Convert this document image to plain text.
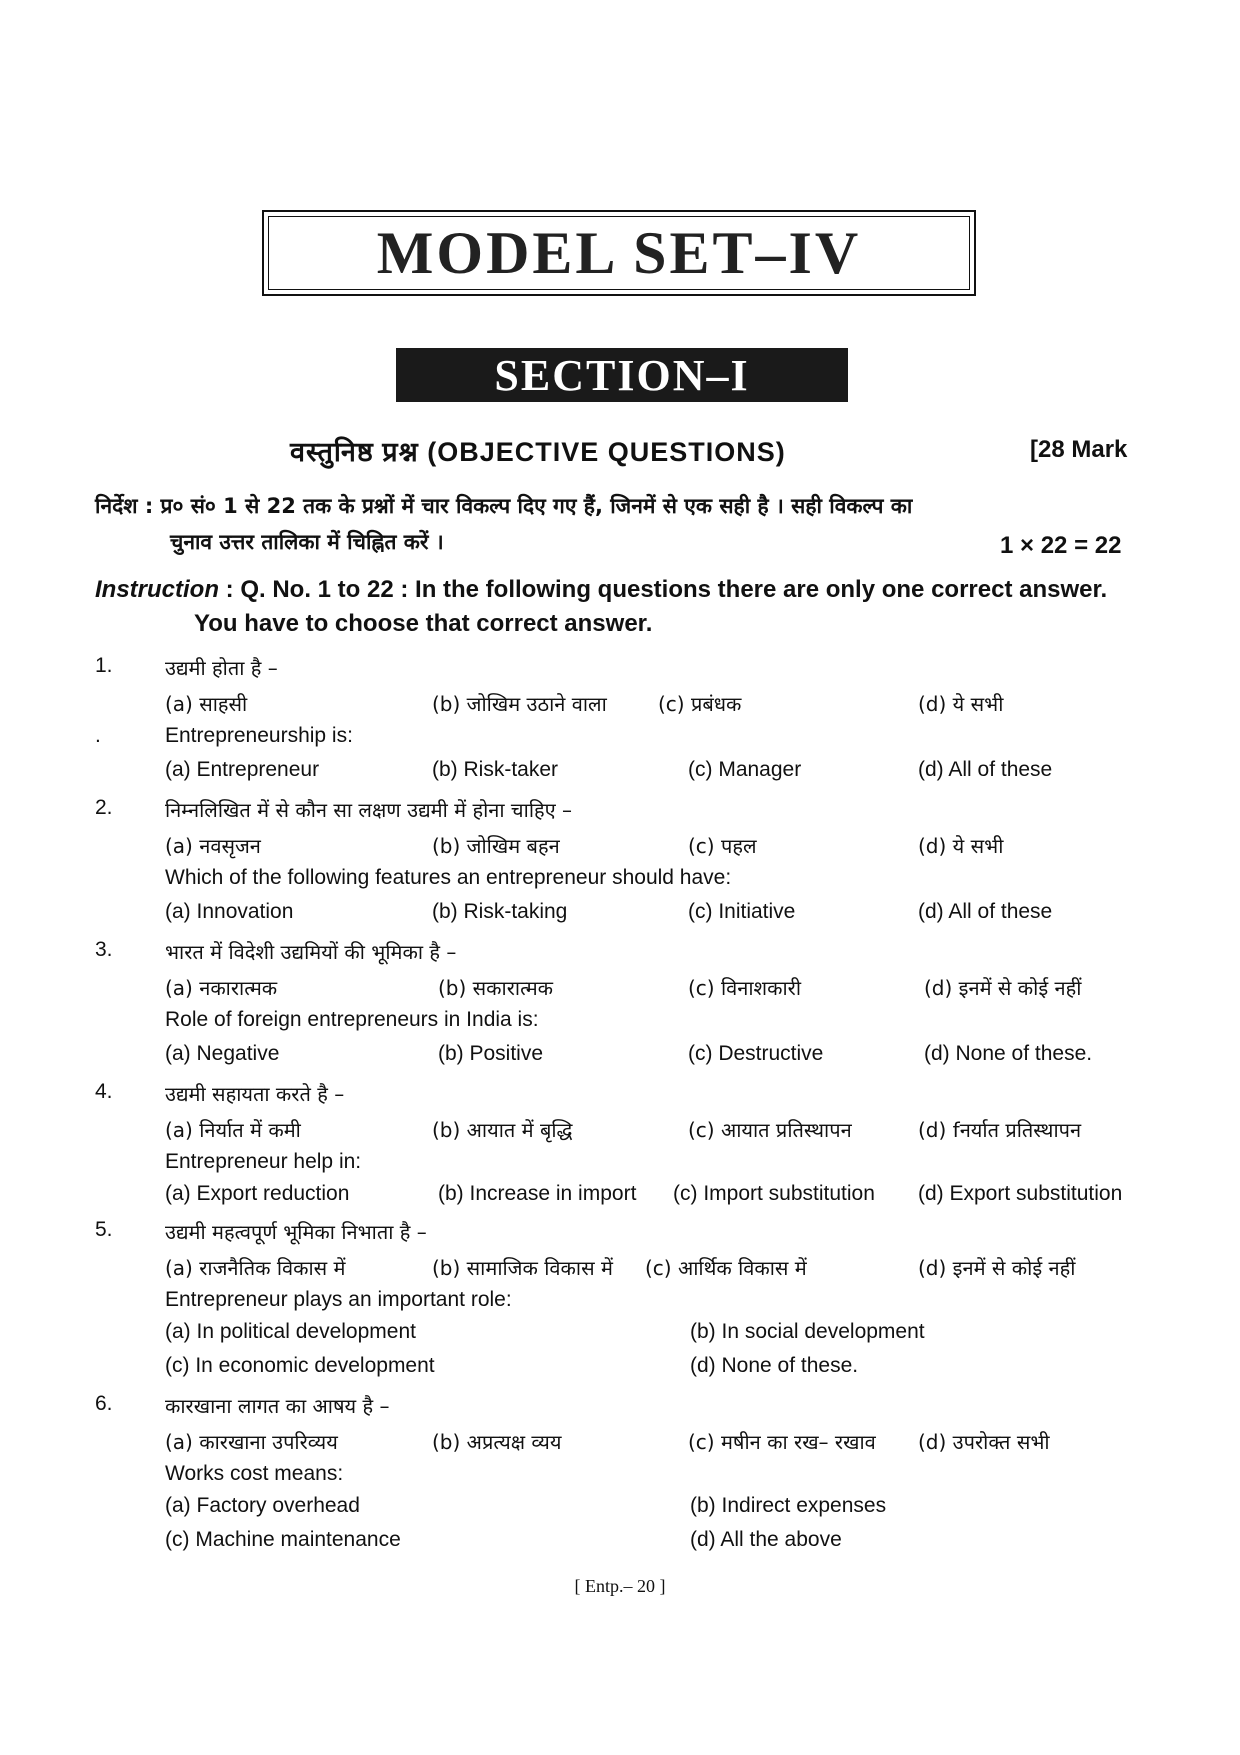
MODEL SET–IV
SECTION–I
वस्तुनिष्ठ प्रश्न (OBJECTIVE QUESTIONS)	[28 Mark
निर्देश : प्र० सं० 1 से 22 तक के प्रश्नों में चार विकल्प दिए गए हैं, जिनमें से एक सही है । सही विकल्प का
चुनाव उत्तर तालिका में चिह्नित करें ।	1 × 22 = 22
Instruction : Q. No. 1 to 22 : In the following questions there are only one correct answer.
You have to choose that correct answer.
1.	उद्यमी होता है –
(a) साहसी	(b) जोखिम उठाने वाला	(c) प्रबंधक	(d) ये सभी
.	Entrepreneurship is:
(a) Entrepreneur	(b) Risk-taker	(c) Manager	(d) All of these
2.	निम्नलिखित में से कौन सा लक्षण उद्यमी में होना चाहिए –
(a) नवसृजन	(b) जोखिम बहन	(c) पहल	(d) ये सभी
Which of the following features an entrepreneur should have:
(a) Innovation	(b) Risk-taking	(c) Initiative	(d) All of these
3.	भारत में विदेशी उद्यमियों की भूमिका है –
(a) नकारात्मक	(b) सकारात्मक	(c) विनाशकारी	(d) इनमें से कोई नहीं
Role of foreign entrepreneurs in India is:
(a) Negative	(b) Positive	(c) Destructive	(d) None of these.
4.	उद्यमी सहायता करते है –
(a) निर्यात में कमी	(b) आयात में बृद्धि	(c) आयात प्रतिस्थापन	(d) fनर्यात प्रतिस्थापन
Entrepreneur help in:
(a) Export reduction	(b) Increase in import (c) Import substitution (d) Export substitution
5.	उद्यमी महत्वपूर्ण भूमिका निभाता है –
(a) राजनैतिक विकास में	(b) सामाजिक विकास में (c) आर्थिक विकास में	(d) इनमें से कोई नहीं
Entrepreneur plays an important role:
(a) In political development	(b) In social development
(c) In economic development	(d) None of these.
6.	कारखाना लागत का आषय है –
(a) कारखाना उपरिव्यय	(b) अप्रत्यक्ष व्यय	(c) मषीन का रख– रखाव (d) उपरोक्त सभी
Works cost means:
(a) Factory overhead	(b) Indirect expenses
(c) Machine maintenance	(d) All the above
[ Entp.– 20 ]
